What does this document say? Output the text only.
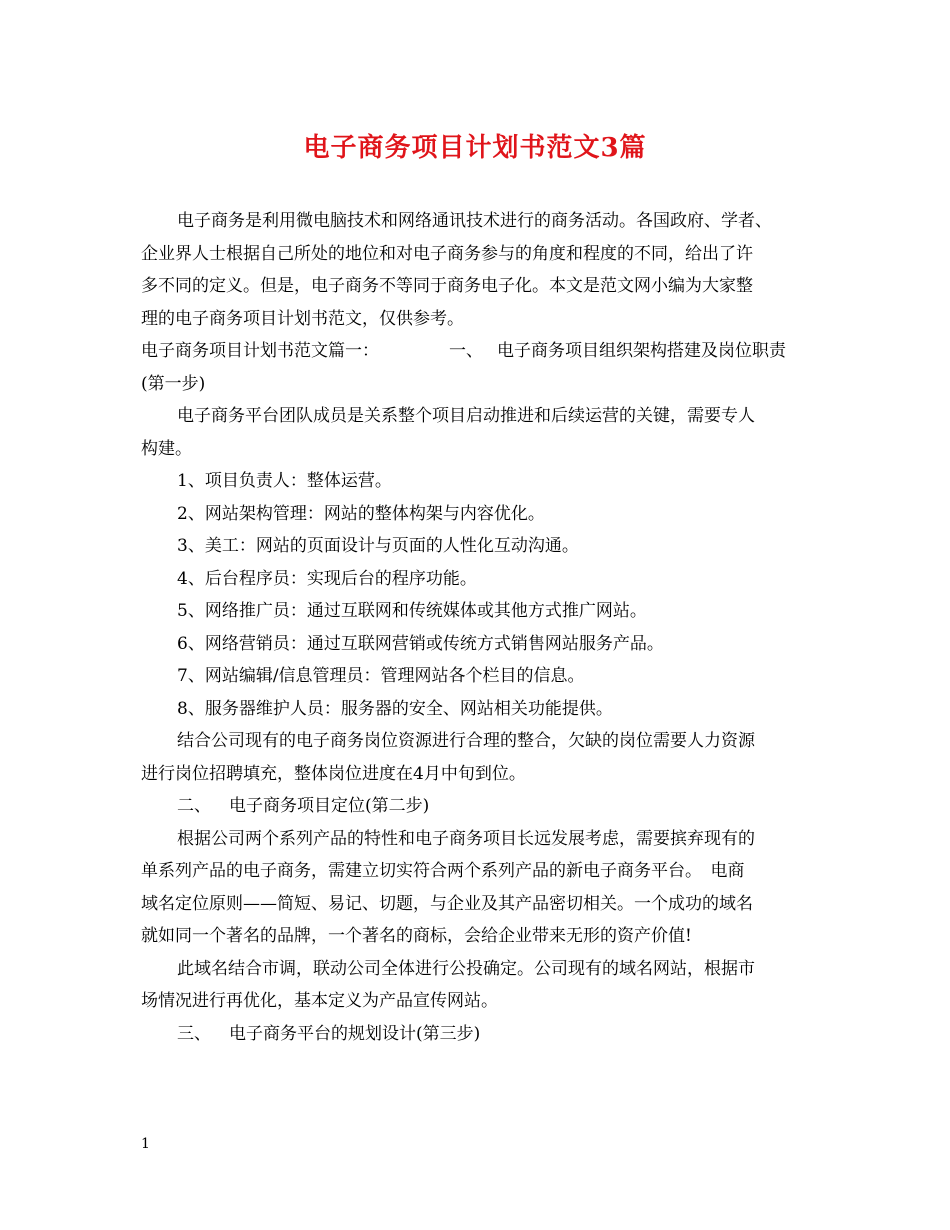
电子商务项目计划书范文3篇

电子商务是利用微电脑技术和网络通讯技术进行的商务活动。各国政府、学者、

企业界人士根据自己所处的地位和对电子商务参与的角度和程度的不同，给出了许

多不同的定义。但是，电子商务不等同于商务电子化。本文是范文网小编为大家整

理的电子商务项目计划书范文，仅供参考。

电子商务项目计划书范文篇一：	一、 电子商务项目组织架构搭建及岗位职责

(第一步)

电子商务平台团队成员是关系整个项目启动推进和后续运营的关键，需要专人

构建。

1、项目负责人：整体运营。

2、网站架构管理：网站的整体构架与内容优化。

3、美工：网站的页面设计与页面的人性化互动沟通。

4、后台程序员：实现后台的程序功能。

5、网络推广员：通过互联网和传统媒体或其他方式推广网站。

6、网络营销员：通过互联网营销或传统方式销售网站服务产品。

7、网站编辑/信息管理员：管理网站各个栏目的信息。

8、服务器维护人员：服务器的安全、网站相关功能提供。

结合公司现有的电子商务岗位资源进行合理的整合，欠缺的岗位需要人力资源

进行岗位招聘填充，整体岗位进度在4月中旬到位。

二、 电子商务项目定位(第二步)

根据公司两个系列产品的特性和电子商务项目长远发展考虑，需要摈弃现有的

单系列产品的电子商务，需建立切实符合两个系列产品的新电子商务平台。　电商

域名定位原则——简短、易记、切题，与企业及其产品密切相关。一个成功的域名

就如同一个著名的品牌，一个著名的商标，会给企业带来无形的资产价值!

此域名结合市调，联动公司全体进行公投确定。公司现有的域名网站，根据市

场情况进行再优化，基本定义为产品宣传网站。

三、 电子商务平台的规划设计(第三步)

1
